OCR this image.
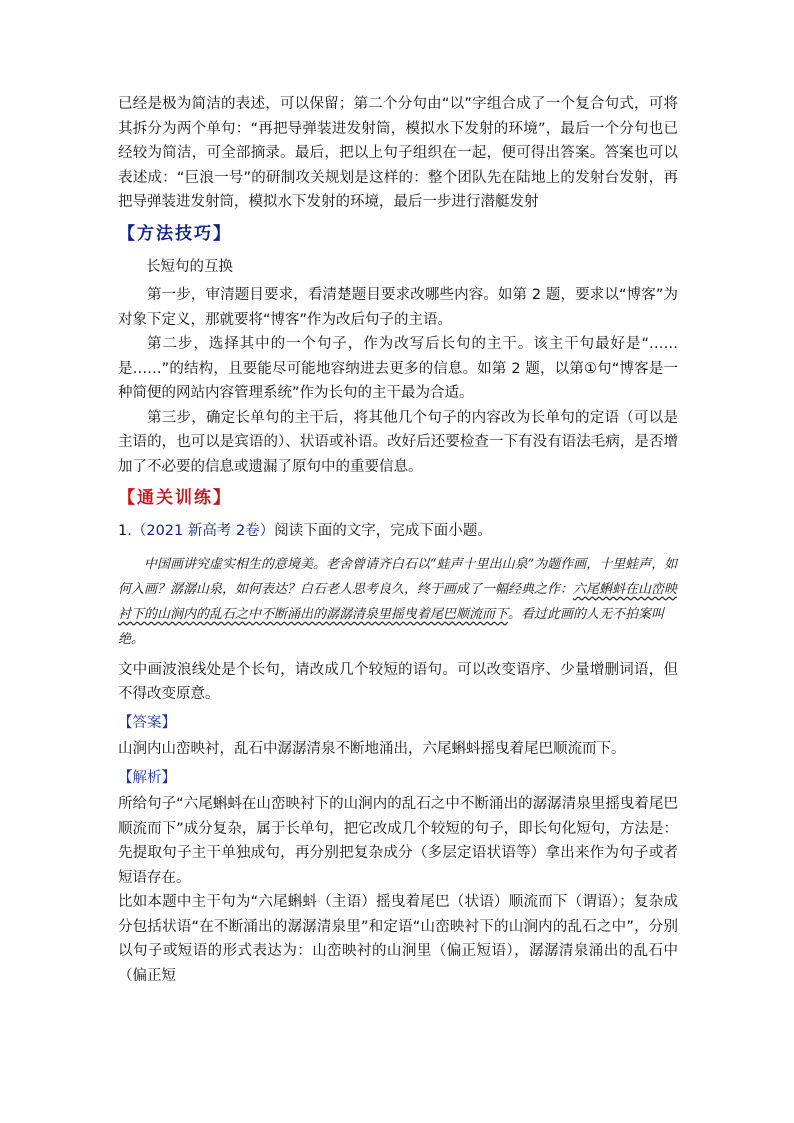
已经是极为简洁的表述，可以保留；第二个分句由“以”字组合成了一个复合句式，可将其拆分为两个单句：“再把导弹装进发射筒，模拟水下发射的环境”，最后一个分句也已经较为简洁，可全部摘录。最后，把以上句子组织在一起，便可得出答案。答案也可以表述成：“巨浪一号”的研制攻关规划是这样的：整个团队先在陆地上的发射台发射，再把导弹装进发射筒，模拟水下发射的环境，最后一步进行潜艇发射

【方法技巧】

长短句的互换

第一步，审清题目要求，看清楚题目要求改哪些内容。如第 2 题，要求以“博客”为对象下定义，那就要将“博客”作为改后句子的主语。

第二步，选择其中的一个句子，作为改写后长句的主干。该主干句最好是“……是……”的结构，且要能尽可能地容纳进去更多的信息。如第 2 题，以第①句“博客是一种简便的网站内容管理系统”作为长句的主干最为合适。

第三步，确定长单句的主干后，将其他几个句子的内容改为长单句的定语（可以是主语的，也可以是宾语的）、状语或补语。改好后还要检查一下有没有语法毛病，是否增加了不必要的信息或遗漏了原句中的重要信息。

【通关训练】

1.（2021 新高考 2卷）阅读下面的文字，完成下面小题。

中国画讲究虚实相生的意境美。老舍曾请齐白石以“蛙声十里出山泉”为题作画，十里蛙声，如何入画？潺潺山泉，如何表达？白石老人思考良久，终于画成了一幅经典之作：六尾蝌蚪在山峦映衬下的山涧内的乱石之中不断涌出的潺潺清泉里摇曳着尾巴顺流而下。看过此画的人无不拍案叫绝。

文中画波浪线处是个长句，请改成几个较短的语句。可以改变语序、少量增删词语，但不得改变原意。

【答案】

山涧内山峦映衬，乱石中潺潺清泉不断地涌出，六尾蝌蚪摇曳着尾巴顺流而下。

【解析】

所给句子“六尾蝌蚪在山峦映衬下的山涧内的乱石之中不断涌出的潺潺清泉里摇曳着尾巴顺流而下”成分复杂，属于长单句，把它改成几个较短的句子，即长句化短句，方法是：先提取句子主干单独成句，再分别把复杂成分（多层定语状语等）拿出来作为句子或者短语存在。

比如本题中主干句为“六尾蝌蚪（主语）摇曳着尾巴（状语）顺流而下（谓语）；复杂成分包括状语“在不断涌出的潺潺清泉里”和定语“山峦映衬下的山涧内的乱石之中”，分别以句子或短语的形式表达为：山峦映衬的山涧里（偏正短语），潺潺清泉涌出的乱石中（偏正短
